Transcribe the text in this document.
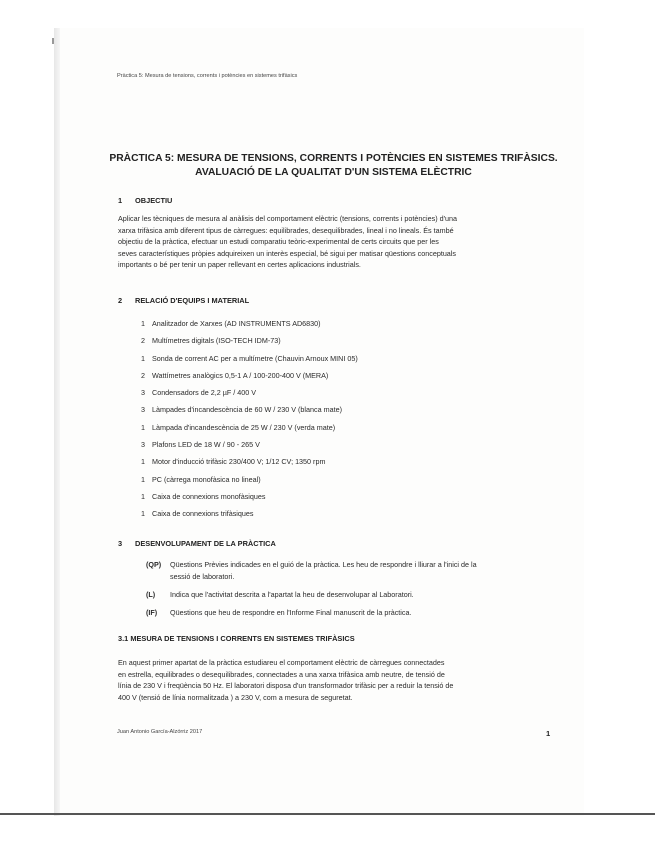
Pràctica 5: Mesura de tensions, corrents i potències en sistemes trifàsics
PRÀCTICA 5: MESURA DE TENSIONS, CORRENTS I POTÈNCIES EN SISTEMES TRIFÀSICS.
AVALUACIÓ DE LA QUALITAT D'UN SISTEMA ELÈCTRIC
1 OBJECTIU
Aplicar les tècniques de mesura al anàlisis del comportament elèctric (tensions, corrents i potències) d'una
xarxa trifàsica amb diferent tipus de càrregues: equilibrades, desequilibrades, lineal i no lineals. És també
objectiu de la pràctica, efectuar un estudi comparatiu teòric-experimental de certs circuits que per les
seves característiques pròpies adquireixen un interès especial, bé sigui per matisar qüestions conceptuals
importants o bé per tenir un paper rellevant en certes aplicacions industrials.
2 RELACIÓ D'EQUIPS I MATERIAL
1 Analitzador de Xarxes (AD INSTRUMENTS AD6830)
2 Multímetres digitals (ISO-TECH IDM-73)
1 Sonda de corrent AC per a multímetre (Chauvin Arnoux MINI 05)
2 Wattímetres analògics 0,5-1 A / 100-200-400 V (MERA)
3 Condensadors de 2,2 µF / 400 V
3 Làmpades d'incandescència de 60 W / 230 V (blanca mate)
1 Làmpada d'incandescència de 25 W / 230 V (verda mate)
3 Plafons LED de 18 W / 90 - 265 V
1 Motor d'inducció trifàsic 230/400 V; 1/12 CV; 1350 rpm
1 PC (càrrega monofàsica no lineal)
1 Caixa de connexions monofàsiques
1 Caixa de connexions trifàsiques
3 DESENVOLUPAMENT DE LA PRÀCTICA
(QP) Qüestions Prèvies indicades en el guió de la pràctica. Les heu de respondre i lliurar a l'inici de la
sessió de laboratori.
(L) Indica que l'activitat descrita a l'apartat la heu de desenvolupar al Laboratori.
(IF) Qüestions que heu de respondre en l'Informe Final manuscrit de la pràctica.
3.1 MESURA DE TENSIONS I CORRENTS EN SISTEMES TRIFÀSICS
En aquest primer apartat de la pràctica estudiareu el comportament elèctric de càrregues connectades
en estrella, equilibrades o desequilibrades, connectades a una xarxa trifàsica amb neutre, de tensió de
línia de 230 V i freqüència 50 Hz. El laboratori disposa d'un transformador trifàsic per a reduir la tensió de
400 V (tensió de línia normalitzada ) a 230 V, com a mesura de seguretat.
Juan Antonio García-Alzórriz 2017	1
